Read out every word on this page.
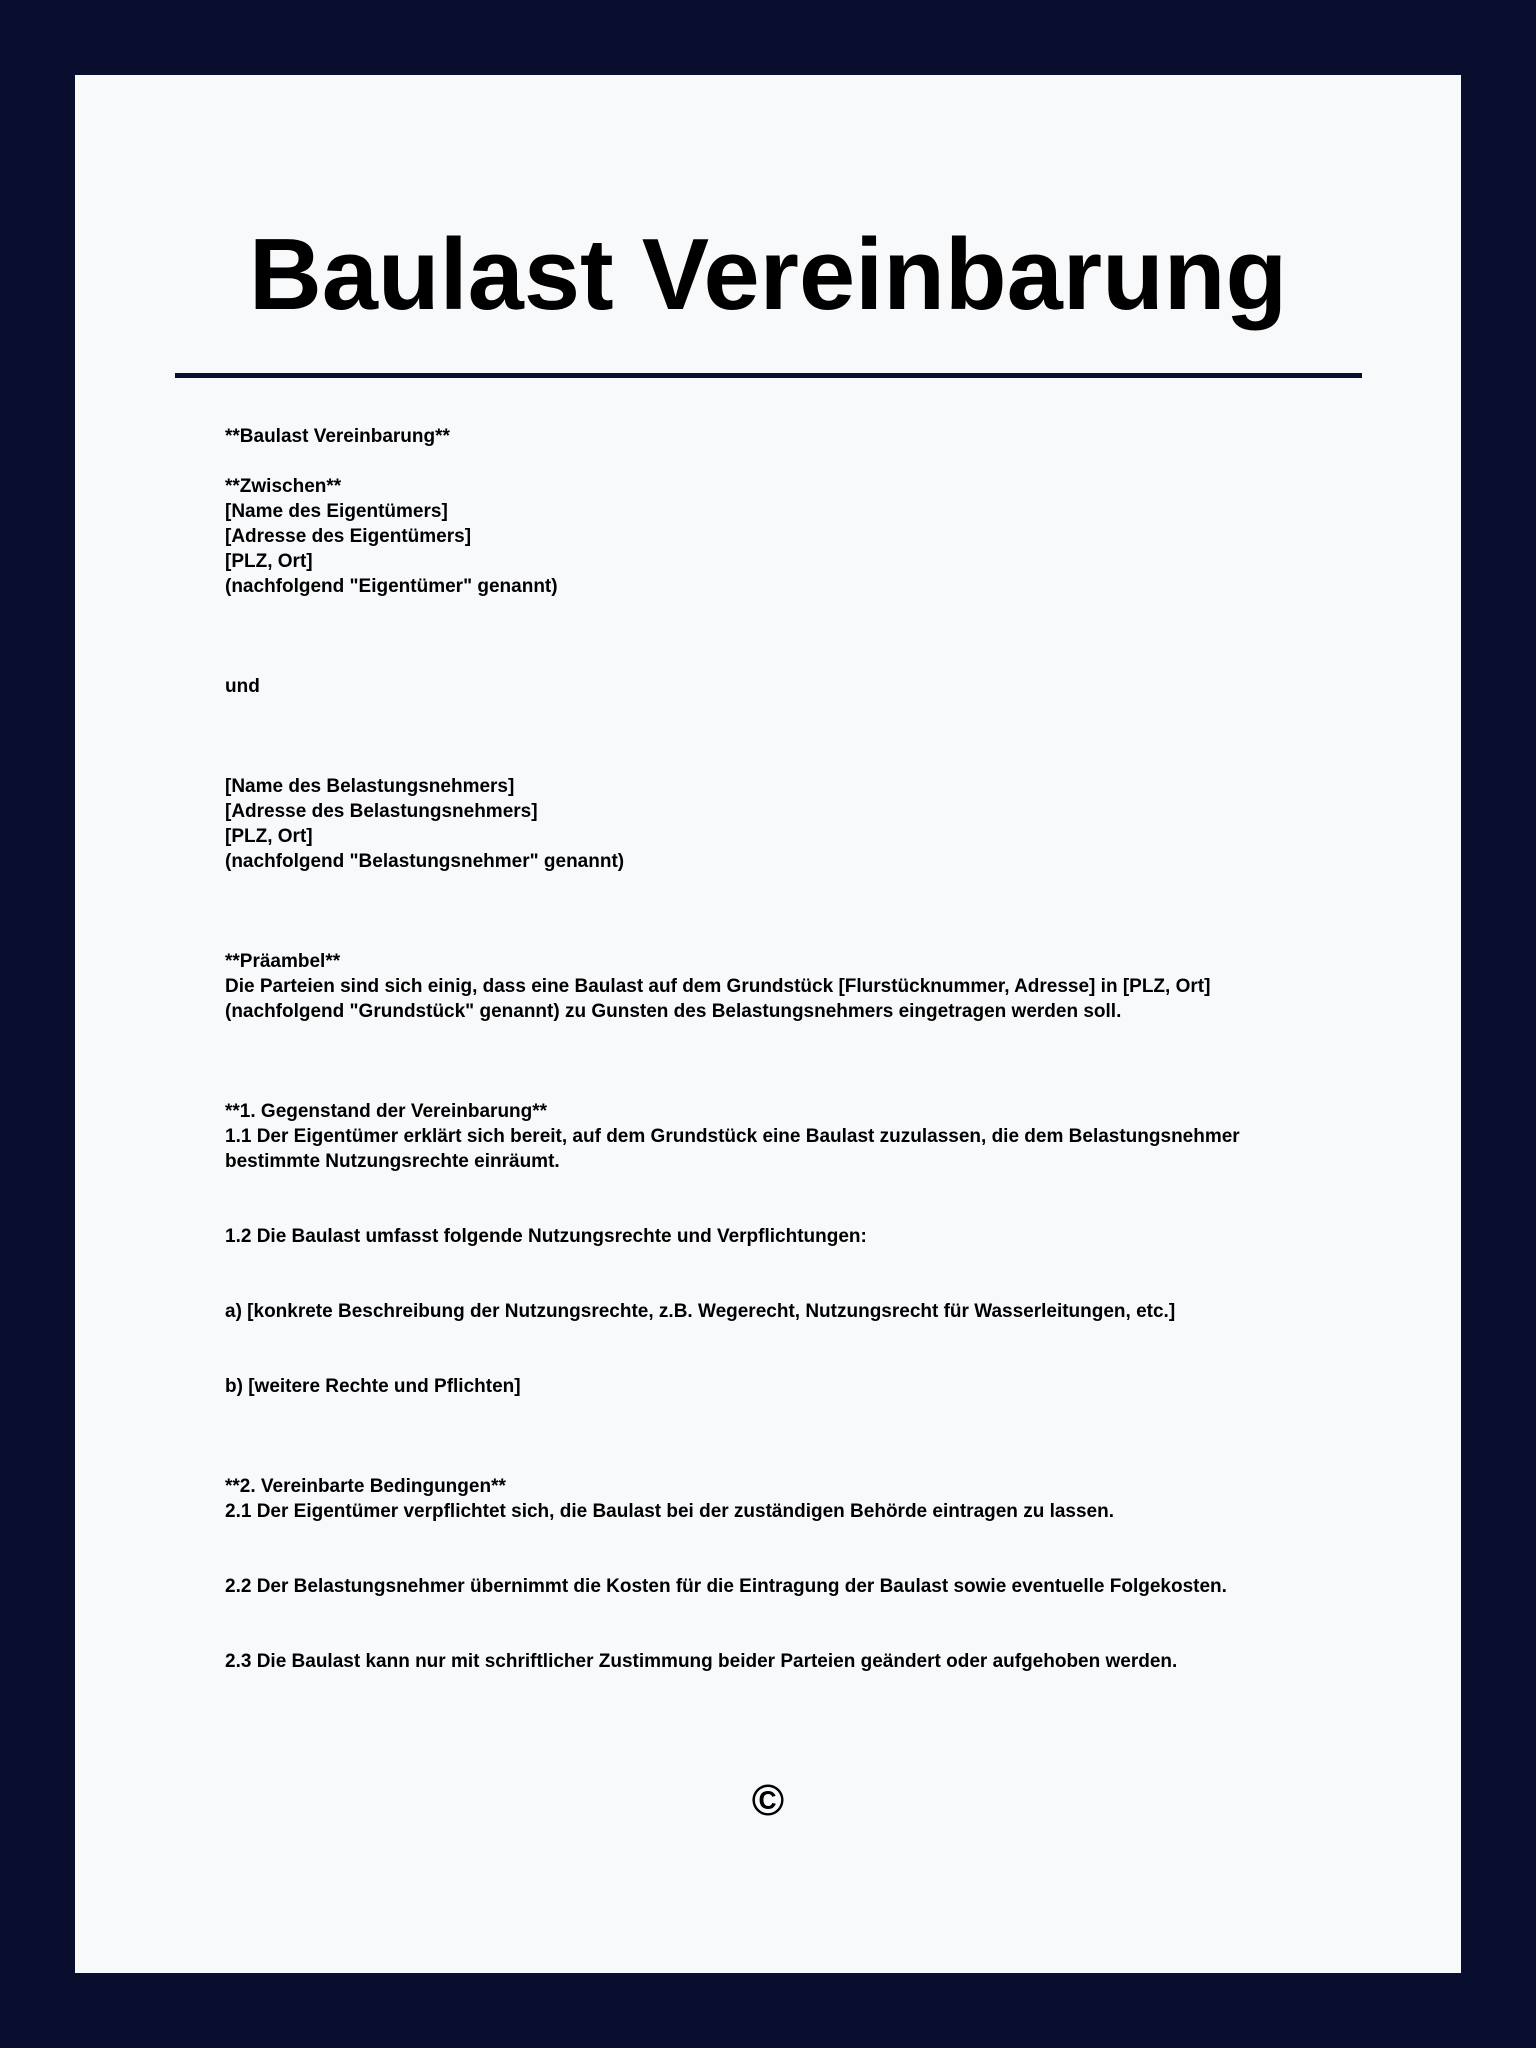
Baulast Vereinbarung
**Baulast Vereinbarung**
**Zwischen**
[Name des Eigentümers]
[Adresse des Eigentümers]
[PLZ, Ort]
(nachfolgend "Eigentümer" genannt)
und
[Name des Belastungsnehmers]
[Adresse des Belastungsnehmers]
[PLZ, Ort]
(nachfolgend "Belastungsnehmer" genannt)
**Präambel**
Die Parteien sind sich einig, dass eine Baulast auf dem Grundstück [Flurstücknummer, Adresse] in [PLZ, Ort]
(nachfolgend "Grundstück" genannt) zu Gunsten des Belastungsnehmers eingetragen werden soll.
**1. Gegenstand der Vereinbarung**
1.1 Der Eigentümer erklärt sich bereit, auf dem Grundstück eine Baulast zuzulassen, die dem Belastungsnehmer
bestimmte Nutzungsrechte einräumt.
1.2 Die Baulast umfasst folgende Nutzungsrechte und Verpflichtungen:
a) [konkrete Beschreibung der Nutzungsrechte, z.B. Wegerecht, Nutzungsrecht für Wasserleitungen, etc.]
b) [weitere Rechte und Pflichten]
**2. Vereinbarte Bedingungen**
2.1 Der Eigentümer verpflichtet sich, die Baulast bei der zuständigen Behörde eintragen zu lassen.
2.2 Der Belastungsnehmer übernimmt die Kosten für die Eintragung der Baulast sowie eventuelle Folgekosten.
2.3 Die Baulast kann nur mit schriftlicher Zustimmung beider Parteien geändert oder aufgehoben werden.
©
